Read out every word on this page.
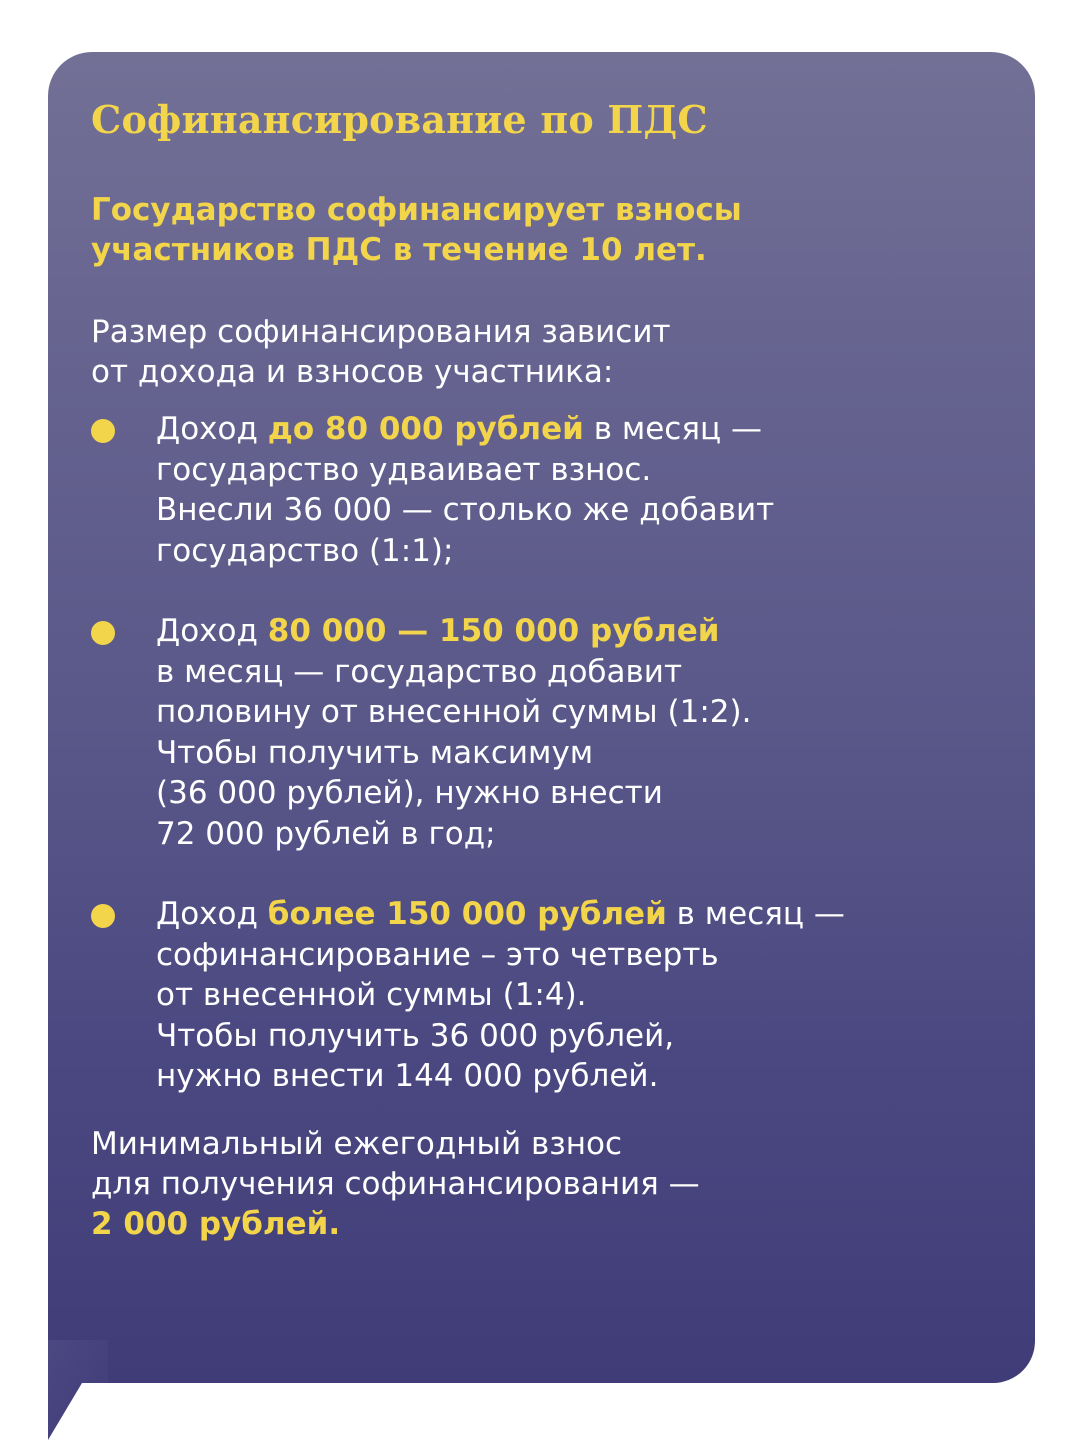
Софинансирование по ПДС

Государство софинансирует взносы
участников ПДС в течение 10 лет.

Размер софинансирования зависит
от дохода и взносов участника:

Доход до 80 000 рублей в месяц —
государство удваивает взнос.
Внесли 36 000 — столько же добавит
государство (1:1);
Доход 80 000 — 150 000 рублей
в месяц — государство добавит
половину от внесенной суммы (1:2).
Чтобы получить максимум
(36 000 рублей), нужно внести
72 000 рублей в год;
Доход более 150 000 рублей в месяц —
софинансирование – это четверть
от внесенной суммы (1:4).
Чтобы получить 36 000 рублей,
нужно внести 144 000 рублей.

Минимальный ежегодный взнос
для получения софинансирования —
2 000 рублей.
